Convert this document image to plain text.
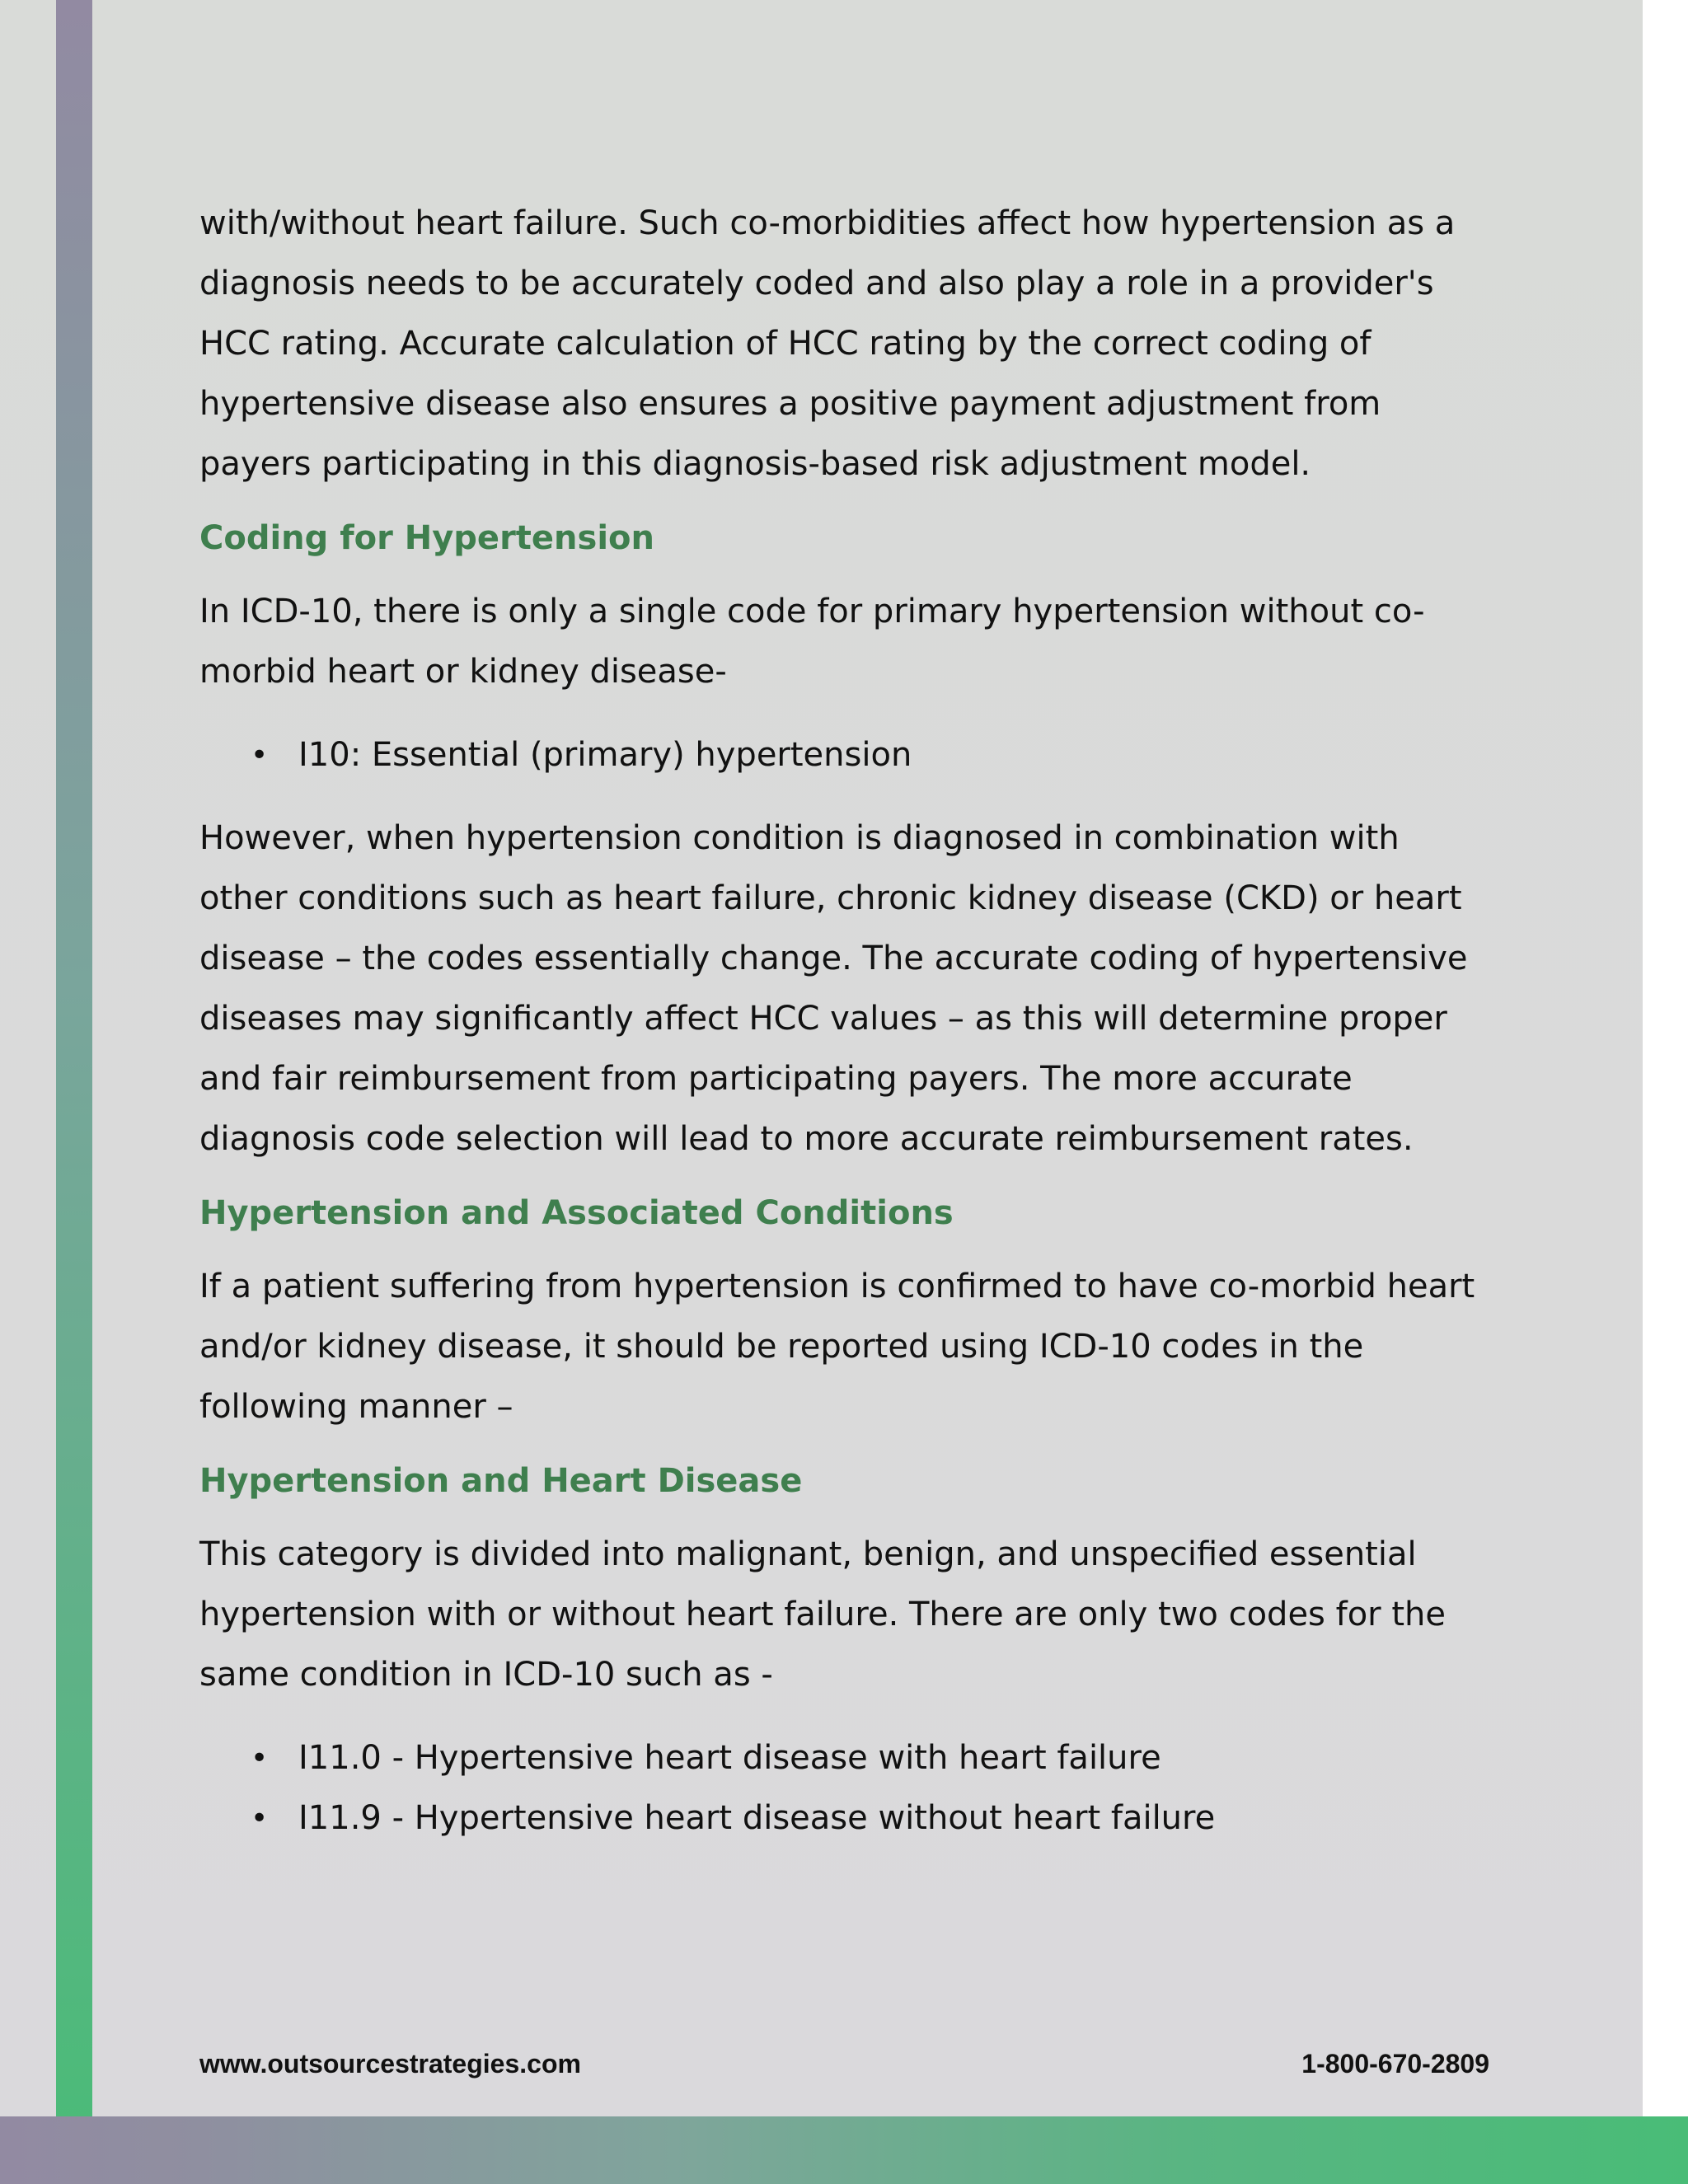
with/without heart failure. Such co-morbidities affect how hypertension as a diagnosis needs to be accurately coded and also play a role in a provider's HCC rating. Accurate calculation of HCC rating by the correct coding of hypertensive disease also ensures a positive payment adjustment from payers participating in this diagnosis-based risk adjustment model.

Coding for Hypertension

In ICD-10, there is only a single code for primary hypertension without co-morbid heart or kidney disease-

• I10: Essential (primary) hypertension

However, when hypertension condition is diagnosed in combination with other conditions such as heart failure, chronic kidney disease (CKD) or heart disease – the codes essentially change. The accurate coding of hypertensive diseases may significantly affect HCC values – as this will determine proper and fair reimbursement from participating payers. The more accurate diagnosis code selection will lead to more accurate reimbursement rates.

Hypertension and Associated Conditions

If a patient suffering from hypertension is confirmed to have co-morbid heart and/or kidney disease, it should be reported using ICD-10 codes in the following manner –

Hypertension and Heart Disease

This category is divided into malignant, benign, and unspecified essential hypertension with or without heart failure. There are only two codes for the same condition in ICD-10 such as -

• I11.0 - Hypertensive heart disease with heart failure
• I11.9 - Hypertensive heart disease without heart failure
www.outsourcestrategies.com	1-800-670-2809
